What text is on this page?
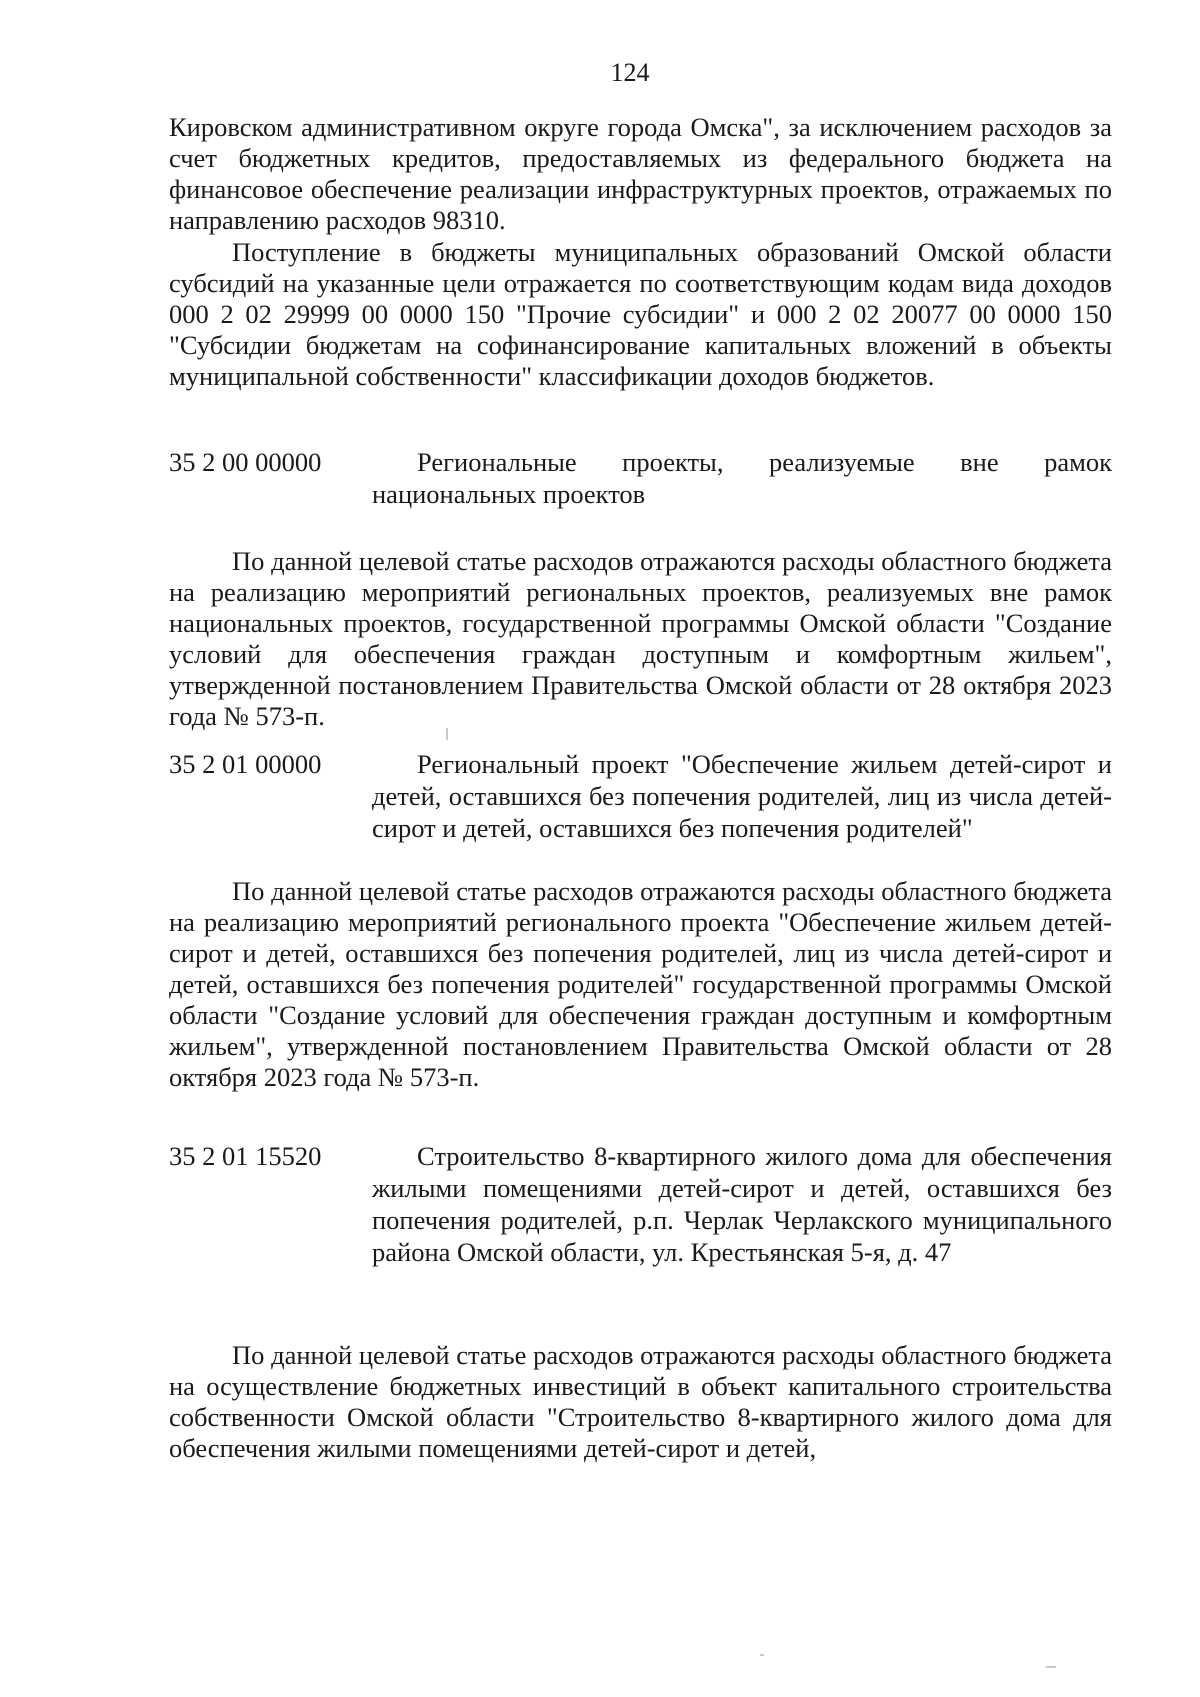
124

Кировском административном округе города Омска", за исключением расходов за счет бюджетных кредитов, предоставляемых из федерального бюджета на финансовое обеспечение реализации инфраструктурных проектов, отражаемых по направлению расходов 98310.

Поступление в бюджеты муниципальных образований Омской области субсидий на указанные цели отражается по соответствующим кодам вида доходов 000 2 02 29999 00 0000 150 "Прочие субсидии" и 000 2 02 20077 00 0000 150 "Субсидии бюджетам на софинансирование капитальных вложений в объекты муниципальной собственности" классификации доходов бюджетов.

35 2 00 00000	Региональные проекты, реализуемые вне рамок национальных проектов

По данной целевой статье расходов отражаются расходы областного бюджета на реализацию мероприятий региональных проектов, реализуемых вне рамок национальных проектов, государственной программы Омской области "Создание условий для обеспечения граждан доступным и комфортным жильем", утвержденной постановлением Правительства Омской области от 28 октября 2023 года № 573-п.

35 2 01 00000	Региональный проект "Обеспечение жильем детей-сирот и детей, оставшихся без попечения родителей, лиц из числа детей-сирот и детей, оставшихся без попечения родителей"

По данной целевой статье расходов отражаются расходы областного бюджета на реализацию мероприятий регионального проекта "Обеспечение жильем детей-сирот и детей, оставшихся без попечения родителей, лиц из числа детей-сирот и детей, оставшихся без попечения родителей" государственной программы Омской области "Создание условий для обеспечения граждан доступным и комфортным жильем", утвержденной постановлением Правительства Омской области от 28 октября 2023 года № 573-п.

35 2 01 15520	Строительство 8-квартирного жилого дома для обеспечения жилыми помещениями детей-сирот и детей, оставшихся без попечения родителей, р.п. Черлак Черлакского муниципального района Омской области, ул. Крестьянская 5-я, д. 47

По данной целевой статье расходов отражаются расходы областного бюджета на осуществление бюджетных инвестиций в объект капитального строительства собственности Омской области "Строительство 8-квартирного жилого дома для обеспечения жилыми помещениями детей-сирот и детей,
